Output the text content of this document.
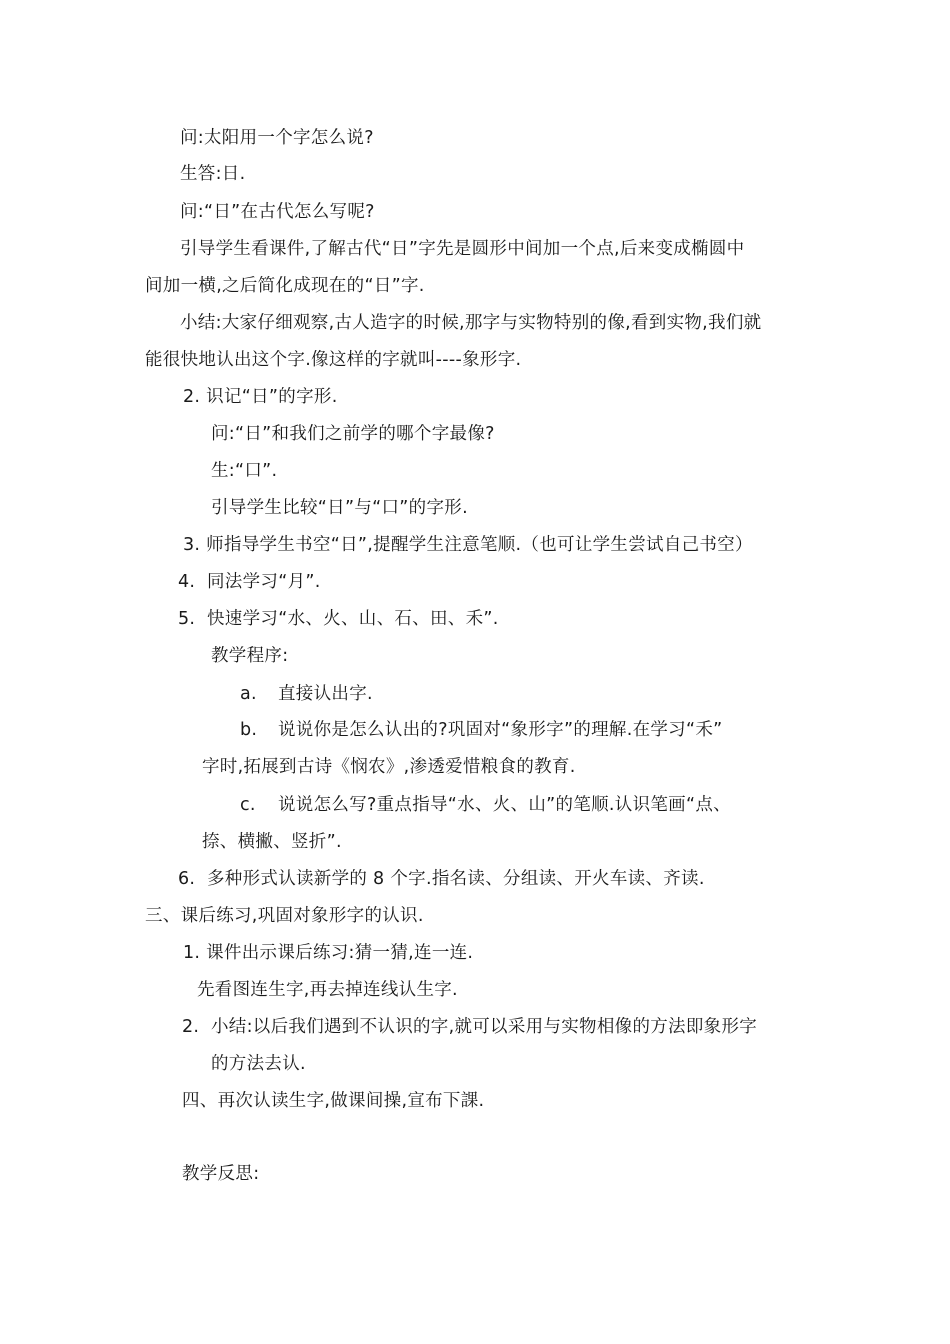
问:太阳用一个字怎么说?
生答:日.
问:“日”在古代怎么写呢?
引导学生看课件,了解古代“日”字先是圆形中间加一个点,后来变成椭圆中
间加一横,之后简化成现在的“日”字.
小结:大家仔细观察,古人造字的时候,那字与实物特别的像,看到实物,我们就
能很快地认出这个字.像这样的字就叫----象形字.
2. 识记“日”的字形.
问:“日”和我们之前学的哪个字最像?
生:“口”.
引导学生比较“日”与“口”的字形.
3. 师指导学生书空“日”,提醒学生注意笔顺.（也可让学生尝试自己书空）
4. 同法学习“月”.
5. 快速学习“水、火、山、石、田、禾”.
教学程序:
a. 直接认出字.
b. 说说你是怎么认出的?巩固对“象形字”的理解.在学习“禾”
字时,拓展到古诗《悯农》,渗透爱惜粮食的教育.
c. 说说怎么写?重点指导“水、火、山”的笔顺.认识笔画“点、
捺、横撇、竖折”.
6. 多种形式认读新学的 8 个字.指名读、分组读、开火车读、齐读.
三、课后练习,巩固对象形字的认识.
1. 课件出示课后练习:猜一猜,连一连.
先看图连生字,再去掉连线认生字.
2. 小结:以后我们遇到不认识的字,就可以采用与实物相像的方法即象形字
的方法去认.
四、再次认读生字,做课间操,宣布下課.
教学反思:
